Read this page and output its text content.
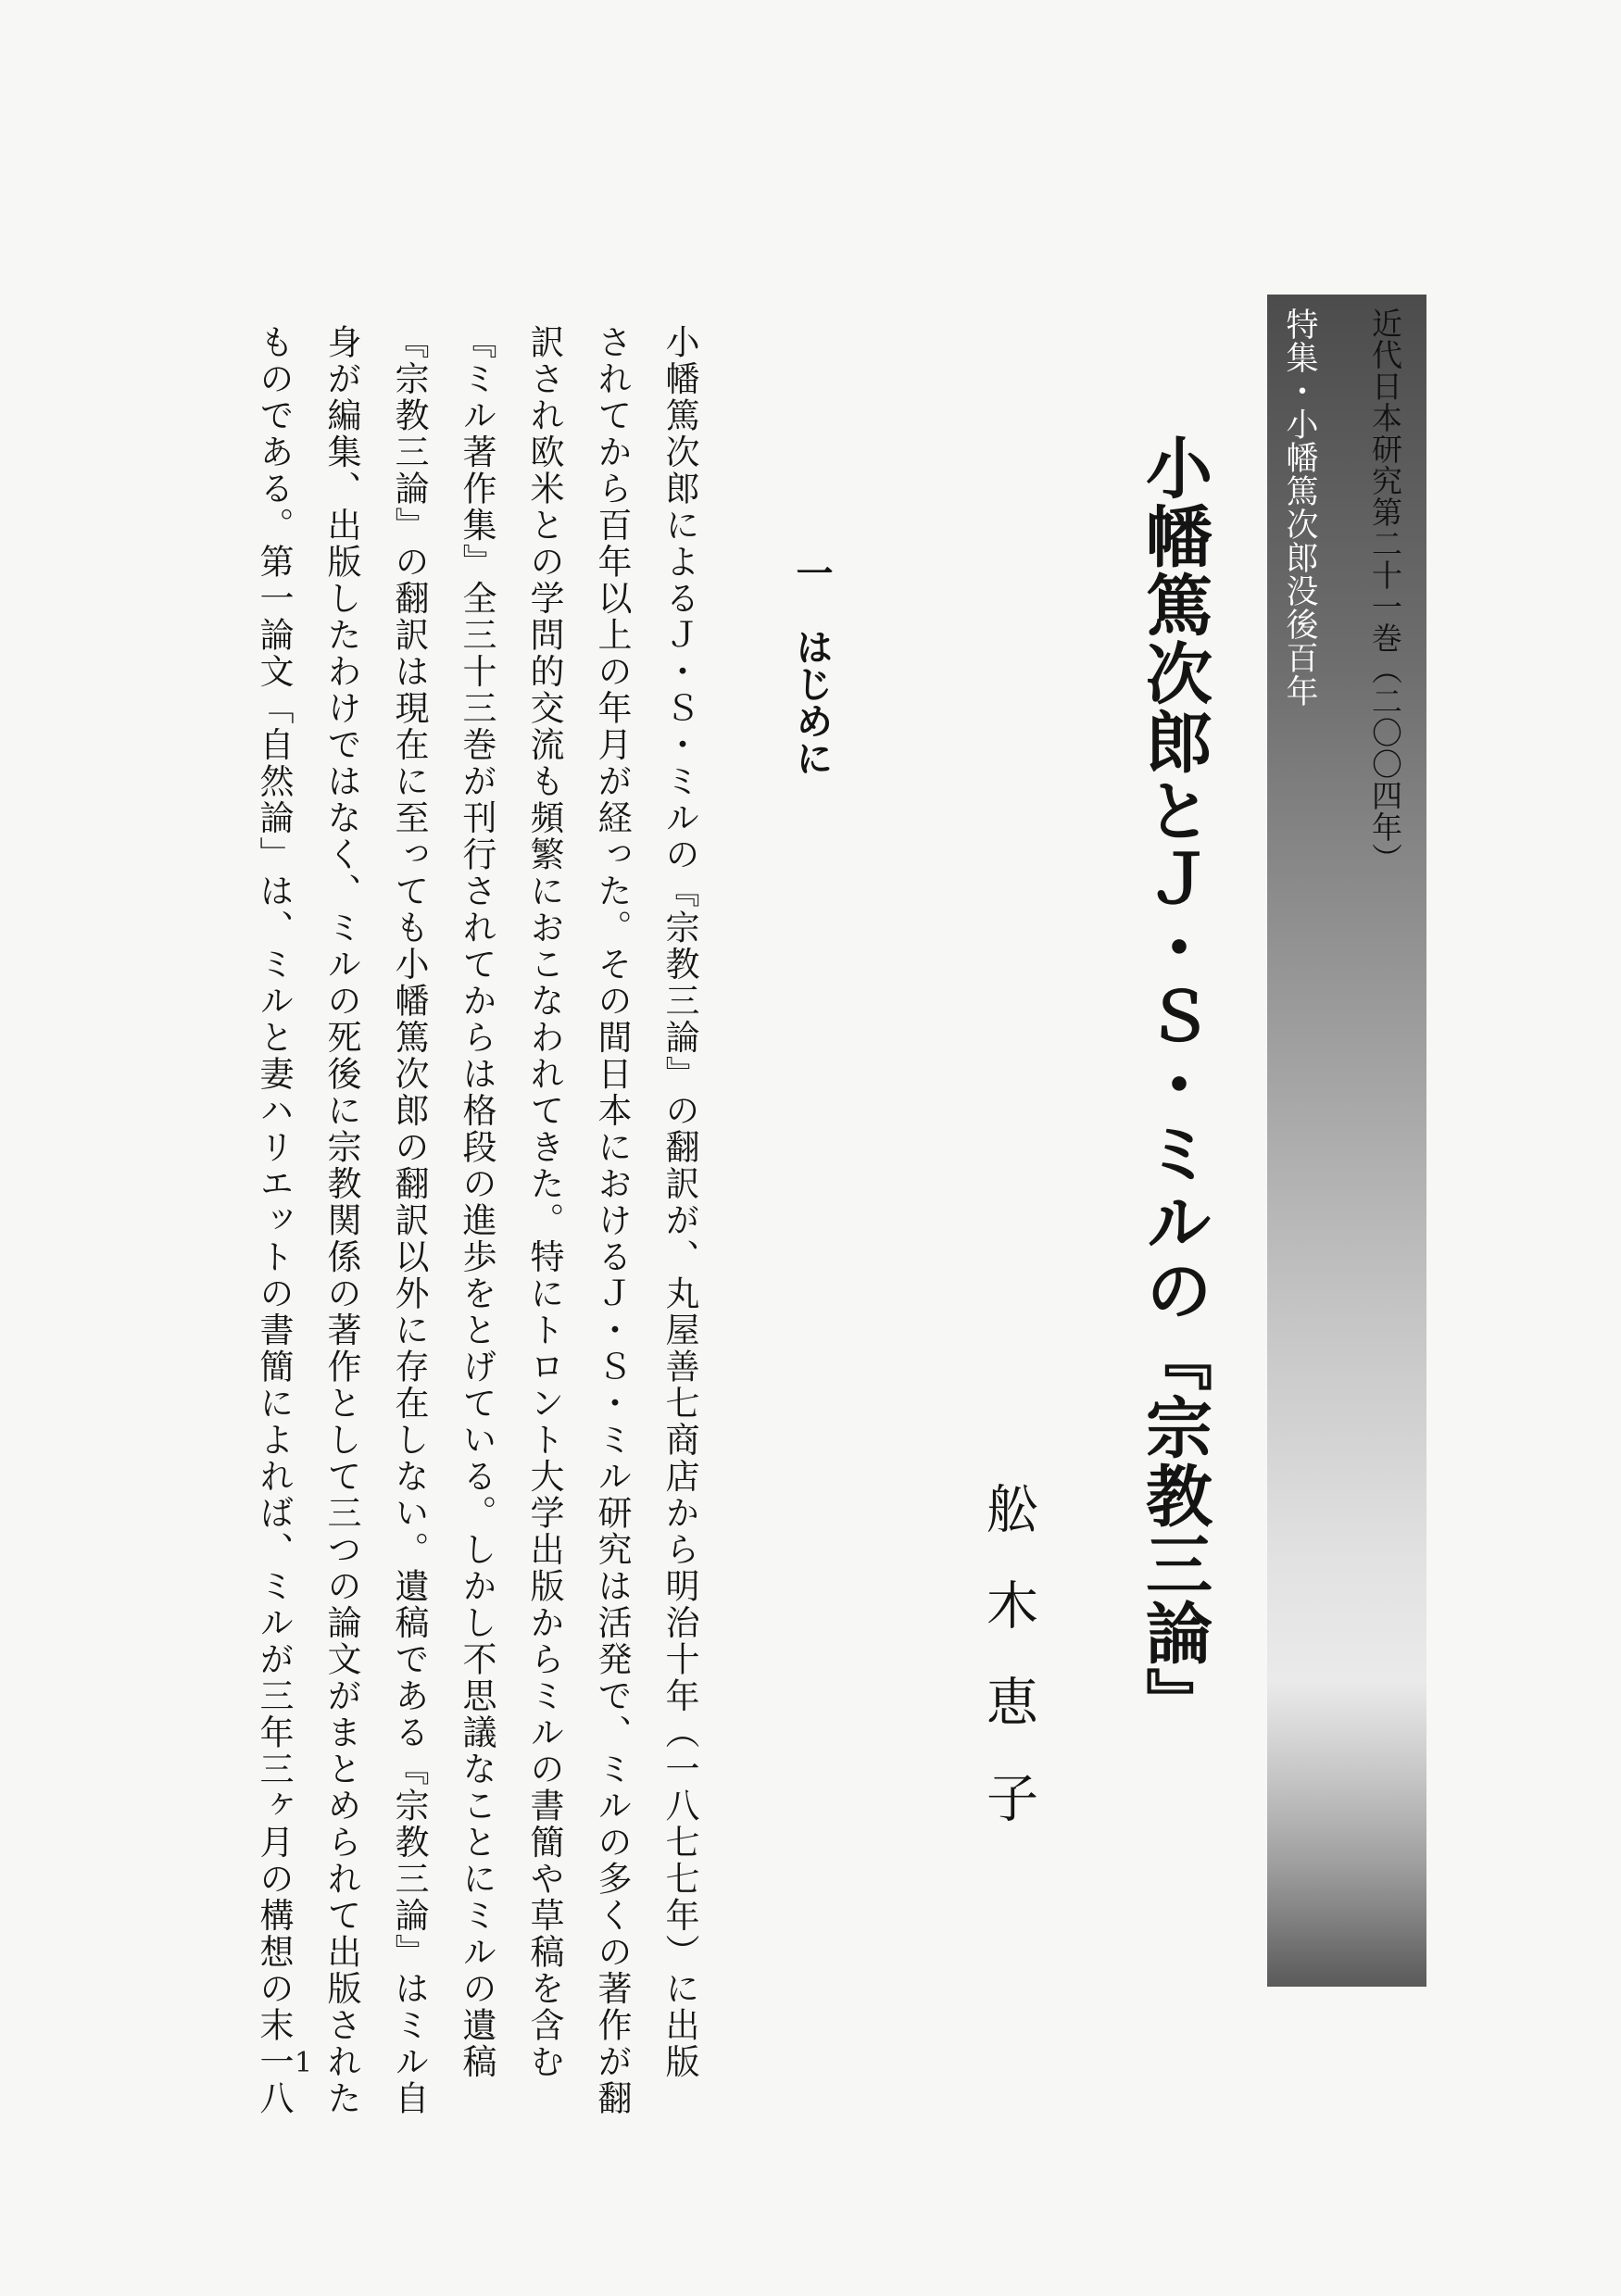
近代日本研究第二十一巻（二〇〇四年）

特集・小幡篤次郎没後百年

小幡篤次郎とＪ・Ｓ・ミルの『宗教三論』

舩木恵子

一　はじめに

小幡篤次郎によるＪ・Ｓ・ミルの『宗教三論』の翻訳が、丸屋善七商店から明治十年（一八七七年）に出版

されてから百年以上の年月が経った。その間日本におけるＪ・Ｓ・ミル研究は活発で、ミルの多くの著作が翻

訳され欧米との学問的交流も頻繁におこなわれてきた。特にトロント大学出版からミルの書簡や草稿を含む

『ミル著作集』全三十三巻が刊行されてからは格段の進歩をとげている。しかし不思議なことにミルの遺稿

『宗教三論』の翻訳は現在に至っても小幡篤次郎の翻訳以外に存在しない。遺稿である『宗教三論』はミル自

身が編集、出版したわけではなく、ミルの死後に宗教関係の著作として三つの論文がまとめられて出版された

ものである。第一論文「自然論」は、ミルと妻ハリエットの書簡によれば、ミルが三年三ヶ月の構想の末一八 1
